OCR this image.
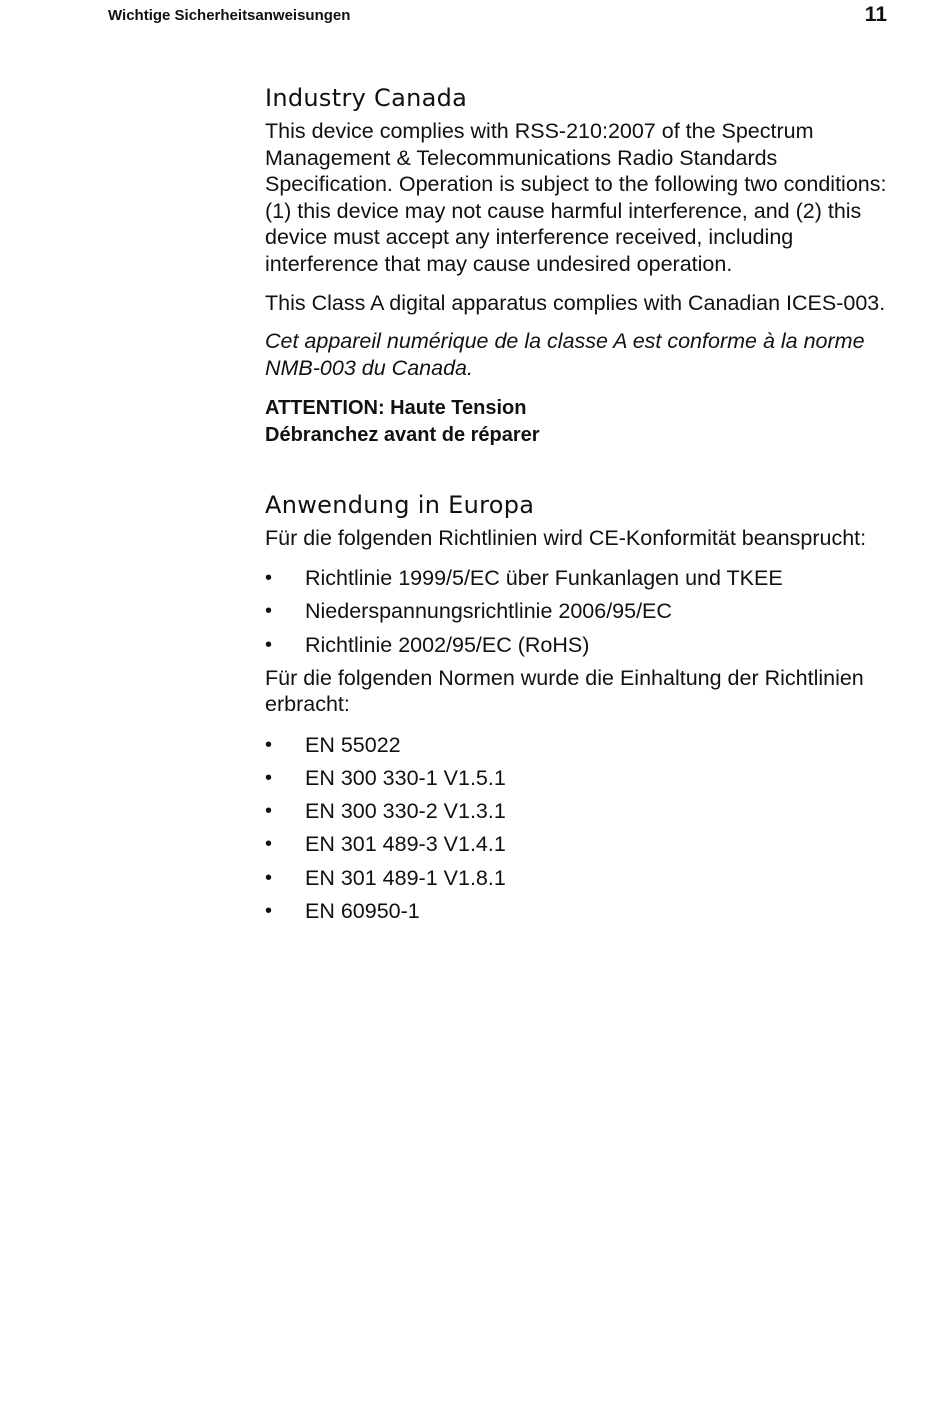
Wichtige Sicherheitsanweisungen	11
Industry Canada

This device complies with RSS-210:2007 of the Spectrum Management & Telecommunications Radio Standards Specification. Operation is subject to the following two conditions: (1) this device may not cause harmful interference, and (2) this device must accept any interference received, including interference that may cause undesired operation.

This Class A digital apparatus complies with Canadian ICES-003.

Cet appareil numérique de la classe A est conforme à la norme NMB-003 du Canada.

ATTENTION: Haute Tension
Débranchez avant de réparer
Anwendung in Europa

Für die folgenden Richtlinien wird CE-Konformität beansprucht:

• Richtlinie 1999/5/EC über Funkanlagen und TKEE
• Niederspannungsrichtlinie 2006/95/EC
• Richtlinie 2002/95/EC (RoHS)

Für die folgenden Normen wurde die Einhaltung der Richtlinien erbracht:

• EN 55022
• EN 300 330-1 V1.5.1
• EN 300 330-2 V1.3.1
• EN 301 489-3 V1.4.1
• EN 301 489-1 V1.8.1
• EN 60950-1
